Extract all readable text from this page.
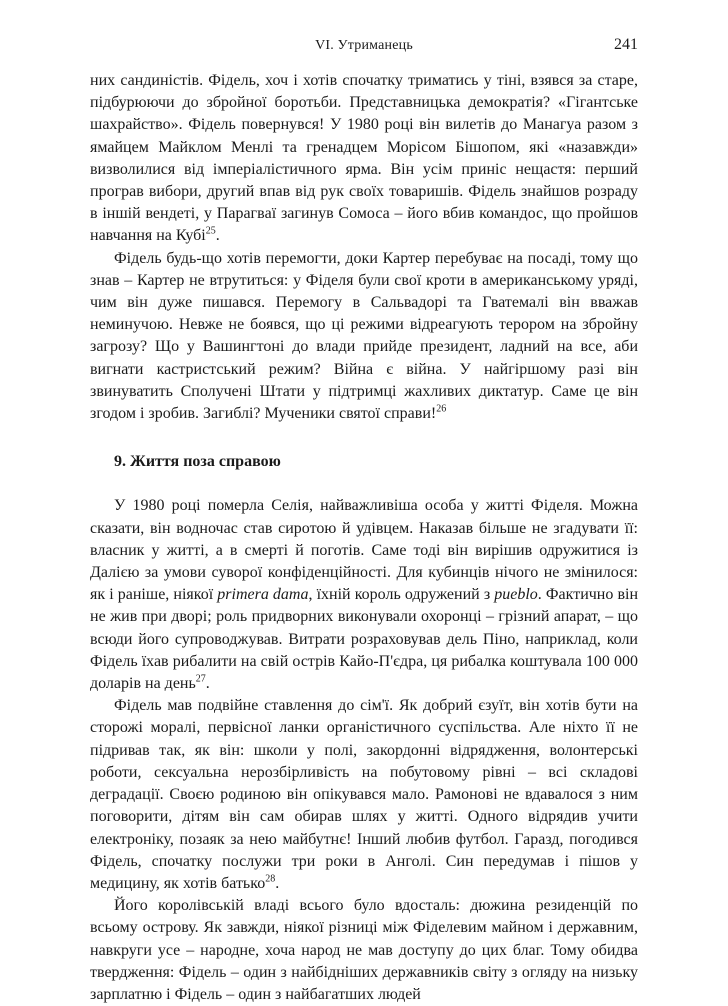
VI. Утриманець	241

них сандиністів. Фідель, хоч і хотів спочатку триматись у тіні, взявся за старе, підбурюючи до збройної боротьби. Представницька демократія? «Гігантське шахрайство». Фідель повернувся! У 1980 році він вилетів до Манагуа разом з ямайцем Майклом Менлі та гренадцем Морісом Бішопом, які «назавжди» визволилися від імперіалістичного ярма. Він усім приніс нещастя: перший програв вибори, другий впав від рук своїх товаришів. Фідель знайшов розраду в іншій вендеті, у Парагвaї загинув Сомоса – його вбив командос, що пройшов навчання на Кубі$^{25}$.

Фідель будь-що хотів перемогти, доки Картер перебуває на посаді, тому що знав – Картер не втрутиться: у Фіделя були свої кроти в американському уряді, чим він дуже пишався. Перемогу в Сальвадорі та Гватемалі він вважав неминучою. Невже не боявся, що ці режими відреагують терором на збройну загрозу? Що у Вашингтоні до влади прийде президент, ладний на все, аби вигнати кастристський режим? Війна є війна. У найгіршому разі він звинуватить Сполучені Штати у підтримці жахливих диктатур. Саме це він згодом і зробив. Загиблі? Мученики святої справи!$^{26}$

9. Життя поза справою

У 1980 році померла Селія, найважливіша особа у житті Фіделя. Можна сказати, він водночас став сиротою й удівцем. Наказав більше не згадувати її: власник у житті, а в смерті й поготів. Саме тоді він вирішив одружитися із Далією за умови суворої конфіденційності. Для кубинців нічого не змінилося: як і раніше, ніякої primera dama, їхній король одружений з pueblo. Фактично він не жив при дворі; роль придворних виконували охоронці – грізний апарат, – що всюди його супроводжував. Витрати розраховував дель Піно, наприклад, коли Фідель їхав рибалити на свій острів Кайо-П'єдра, ця рибалка коштувала 100 000 доларів на день$^{27}$.

Фідель мав подвійне ставлення до сім'ї. Як добрий єзуїт, він хотів бути на сторожі моралі, первісної ланки органістичного суспільства. Але ніхто її не підривав так, як він: школи у полі, закордонні відрядження, волонтерські роботи, сексуальна нерозбірливість на побутовому рівні – всі складові деградації. Своєю родиною він опікувався мало. Рамонові не вдавалося з ним поговорити, дітям він сам обирав шлях у житті. Одного відрядив учити електроніку, позаяк за нею майбутнє! Інший любив футбол. Гаразд, погодився Фідель, спочатку послужи три роки в Анголі. Син передумав і пішов у медицину, як хотів батько$^{28}$.

Його королівській владі всього було вдосталь: дюжина резиденцій по всьому острову. Як завжди, ніякої різниці між Фіделевим майном і державним, навкруги усе – народне, хоча народ не мав доступу до цих благ. Тому обидва твердження: Фідель – один з найбідніших державників світу з огляду на низьку зарплатню і Фідель – один з найбагатших людей
